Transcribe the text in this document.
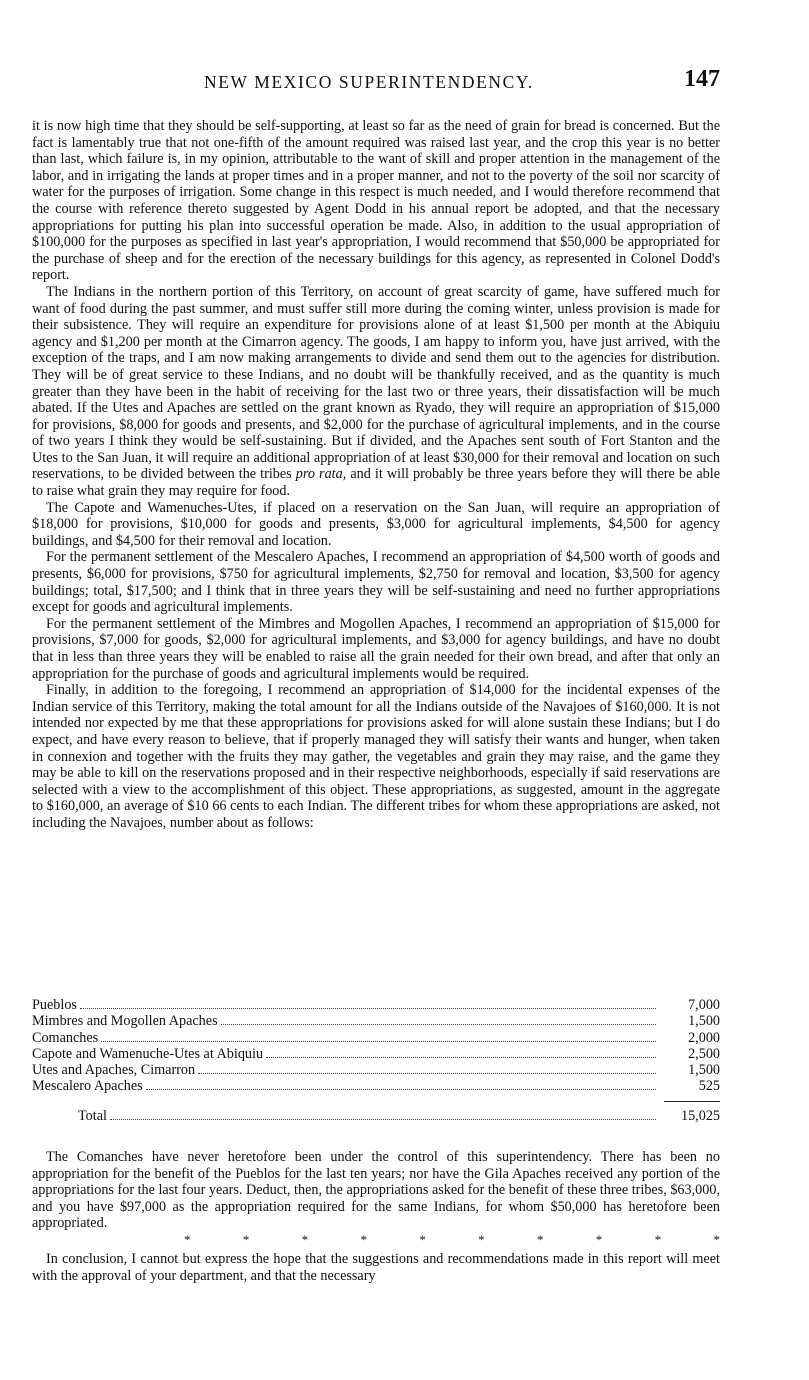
NEW MEXICO SUPERINTENDENCY.	147

it is now high time that they should be self-supporting, at least so far as the need of grain for bread is concerned. But the fact is lamentably true that not one-fifth of the amount required was raised last year, and the crop this year is no better than last, which failure is, in my opinion, attributable to the want of skill and proper attention in the management of the labor, and in irrigating the lands at proper times and in a proper manner, and not to the poverty of the soil nor scarcity of water for the purposes of irrigation. Some change in this respect is much needed, and I would therefore recommend that the course with reference thereto suggested by Agent Dodd in his annual report be adopted, and that the necessary appropriations for putting his plan into successful operation be made. Also, in addition to the usual appropriation of $100,000 for the purposes as specified in last year's appropriation, I would recommend that $50,000 be appropriated for the purchase of sheep and for the erection of the necessary buildings for this agency, as represented in Colonel Dodd's report.

The Indians in the northern portion of this Territory, on account of great scarcity of game, have suffered much for want of food during the past summer, and must suffer still more during the coming winter, unless provision is made for their subsistence. They will require an expenditure for provisions alone of at least $1,500 per month at the Abiquiu agency and $1,200 per month at the Cimarron agency. The goods, I am happy to inform you, have just arrived, with the exception of the traps, and I am now making arrangements to divide and send them out to the agencies for distribution. They will be of great service to these Indians, and no doubt will be thankfully received, and as the quantity is much greater than they have been in the habit of receiving for the last two or three years, their dissatisfaction will be much abated. If the Utes and Apaches are settled on the grant known as Ryado, they will require an appropriation of $15,000 for provisions, $8,000 for goods and presents, and $2,000 for the purchase of agricultural implements, and in the course of two years I think they would be self-sustaining. But if divided, and the Apaches sent south of Fort Stanton and the Utes to the San Juan, it will require an additional appropriation of at least $30,000 for their removal and location on such reservations, to be divided between the tribes pro rata, and it will probably be three years before they will there be able to raise what grain they may require for food.

The Capote and Wamenuches-Utes, if placed on a reservation on the San Juan, will require an appropriation of $18,000 for provisions, $10,000 for goods and presents, $3,000 for agricultural implements, $4,500 for agency buildings, and $4,500 for their removal and location.

For the permanent settlement of the Mescalero Apaches, I recommend an appropriation of $4,500 worth of goods and presents, $6,000 for provisions, $750 for agricultural implements, $2,750 for removal and location, $3,500 for agency buildings; total, $17,500; and I think that in three years they will be self-sustaining and need no further appropriations except for goods and agricultural implements.

For the permanent settlement of the Mimbres and Mogollen Apaches, I recommend an appropriation of $15,000 for provisions, $7,000 for goods, $2,000 for agricultural implements, and $3,000 for agency buildings, and have no doubt that in less than three years they will be enabled to raise all the grain needed for their own bread, and after that only an appropriation for the purchase of goods and agricultural implements would be required.

Finally, in addition to the foregoing, I recommend an appropriation of $14,000 for the incidental expenses of the Indian service of this Territory, making the total amount for all the Indians outside of the Navajoes of $160,000. It is not intended nor expected by me that these appropriations for provisions asked for will alone sustain these Indians; but I do expect, and have every reason to believe, that if properly managed they will satisfy their wants and hunger, when taken in connexion and together with the fruits they may gather, the vegetables and grain they may raise, and the game they may be able to kill on the reservations proposed and in their respective neighborhoods, especially if said reservations are selected with a view to the accomplishment of this object. These appropriations, as suggested, amount in the aggregate to $160,000, an average of $10 66 cents to each Indian. The different tribes for whom these appropriations are asked, not including the Navajoes, number about as follows:

Pueblos	7,000
Mimbres and Mogollen Apaches	1,500
Comanches	2,000
Capote and Wamenuche-Utes at Abiquiu	2,500
Utes and Apaches, Cimarron	1,500
Mescalero Apaches	525
Total	15,025

The Comanches have never heretofore been under the control of this superintendency. There has been no appropriation for the benefit of the Pueblos for the last ten years; nor have the Gila Apaches received any portion of the appropriations for the last four years. Deduct, then, the appropriations asked for the benefit of these three tribes, $63,000, and you have $97,000 as the appropriation required for the same Indians, for whom $50,000 has heretofore been appropriated.

*	*	*	*	*	*	*	*	*	*

In conclusion, I cannot but express the hope that the suggestions and recommendations made in this report will meet with the approval of your department, and that the necessary
